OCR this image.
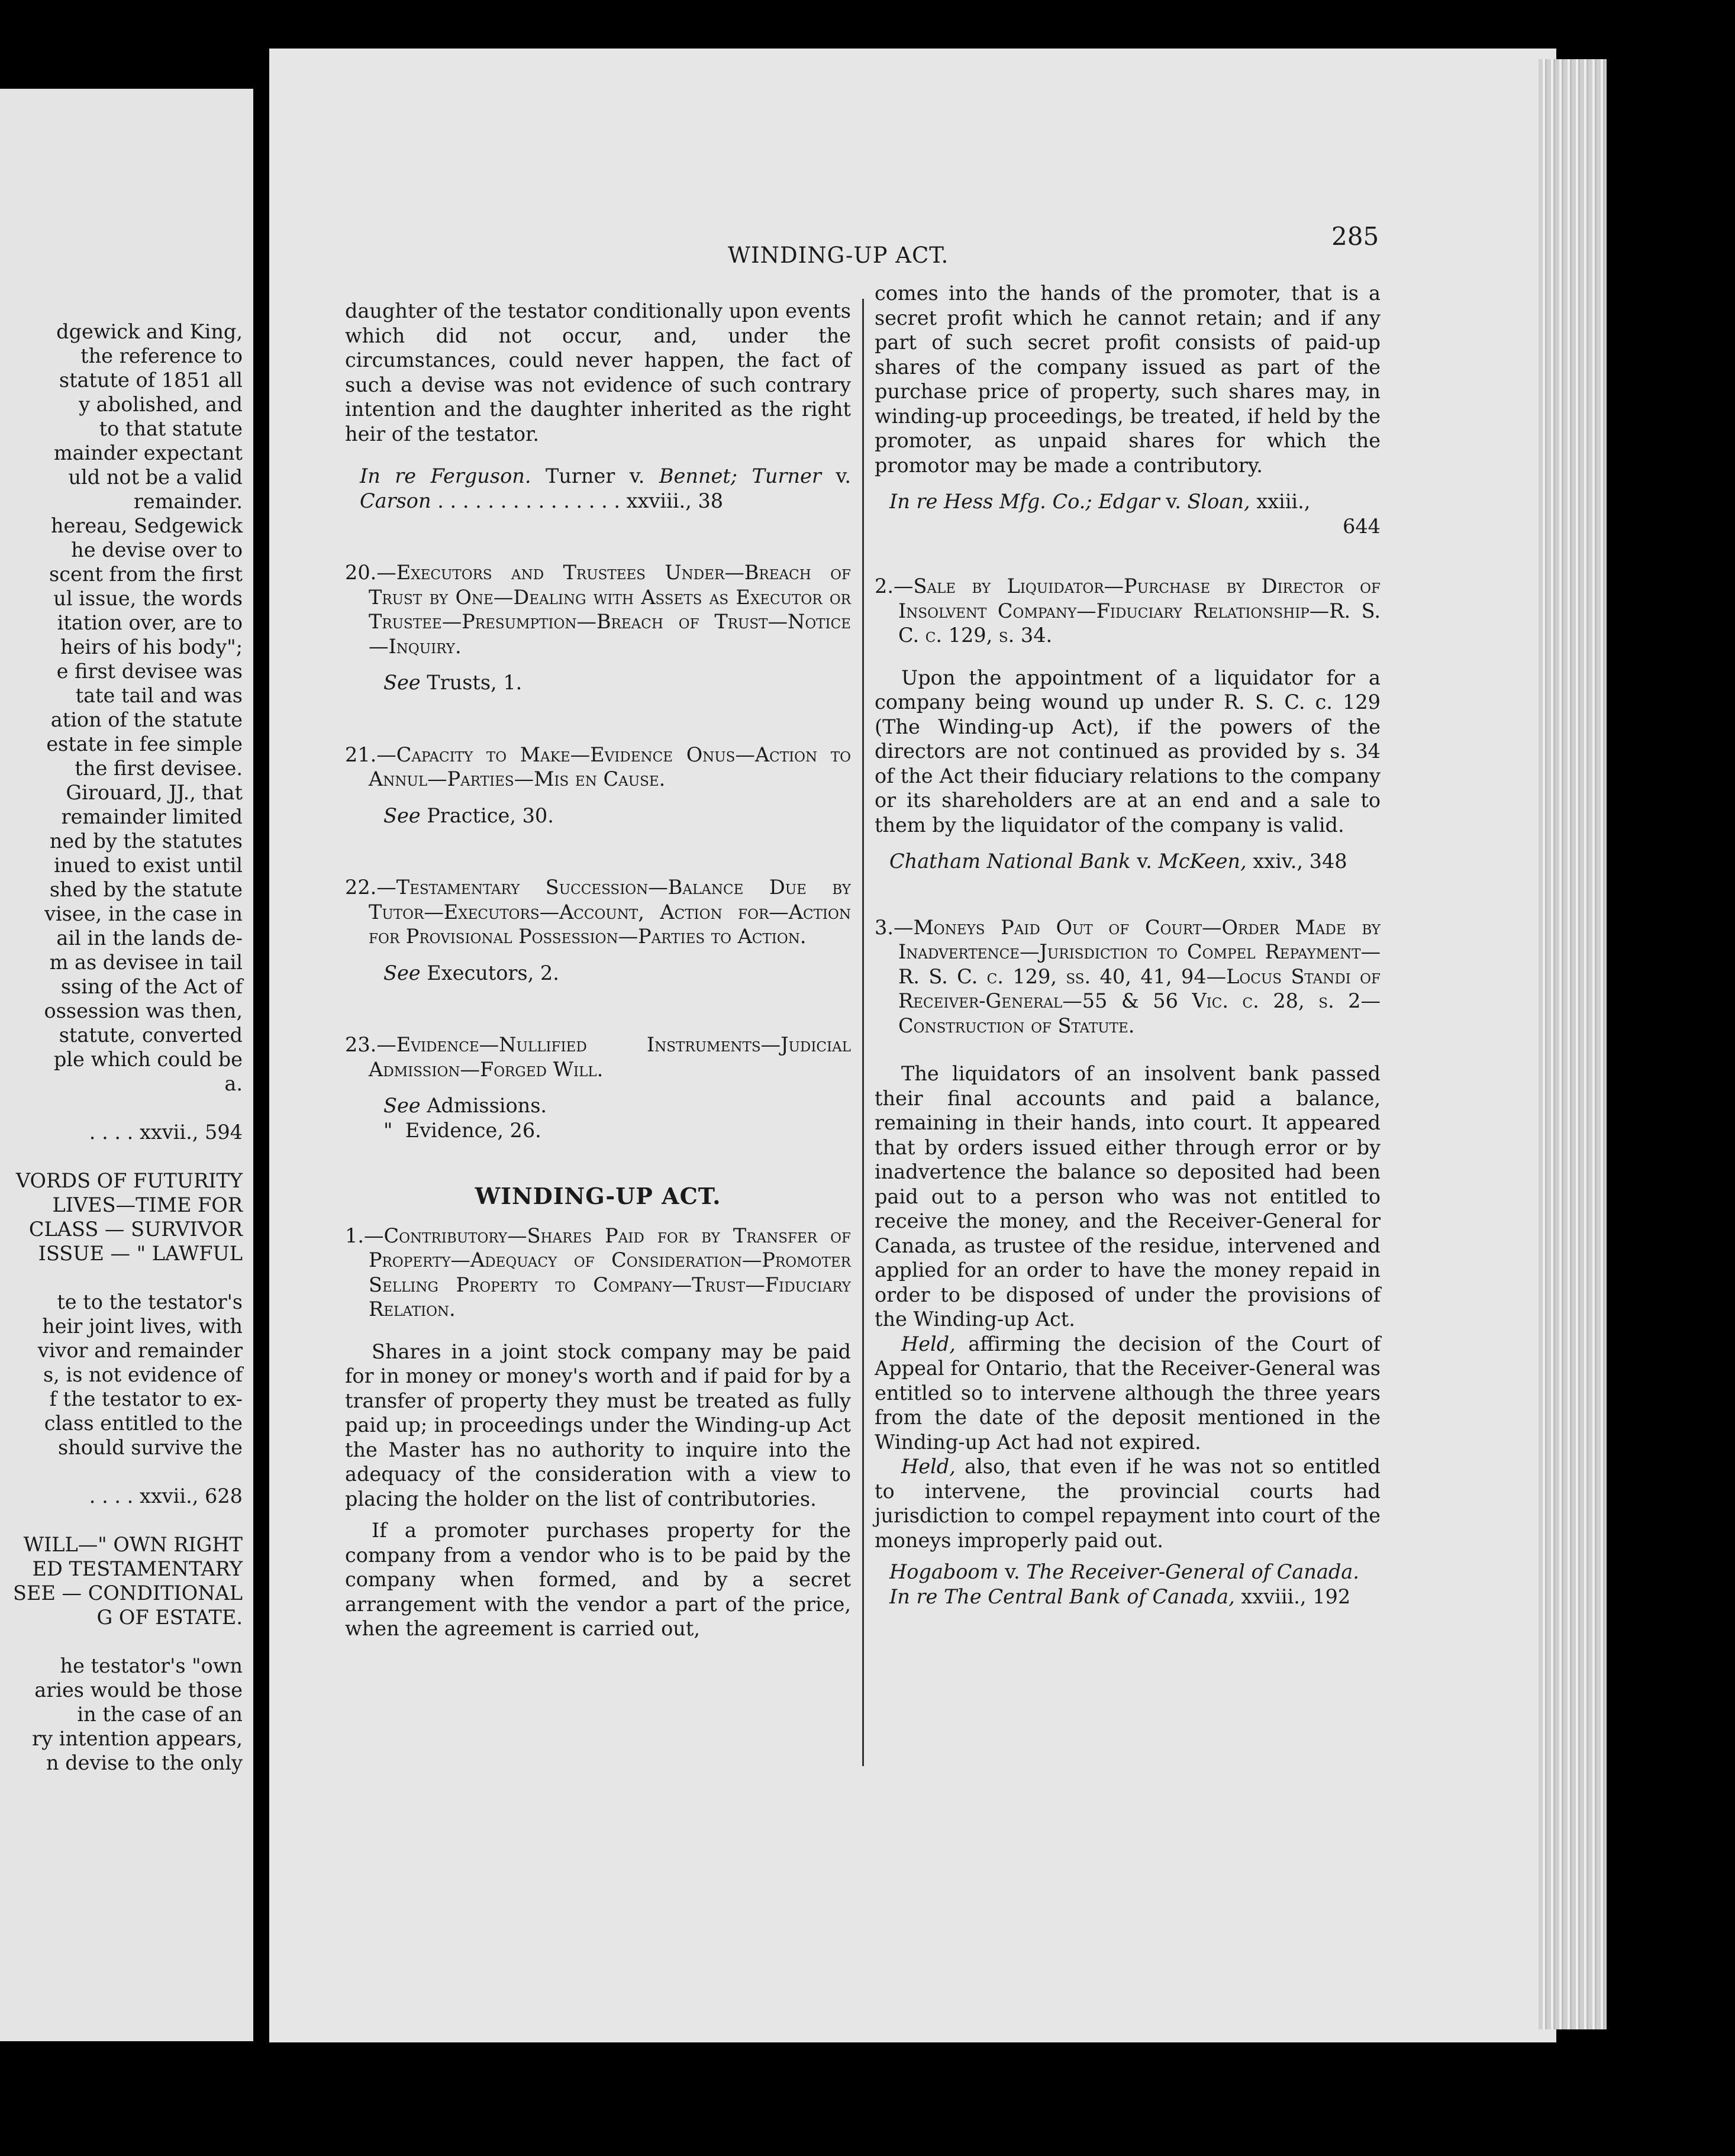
dgewick and King,
the reference to
statute of 1851 all
y abolished, and
to that statute
mainder expectant
uld not be a valid
remainder.
hereau, Sedgewick
he devise over to
scent from the first
ul issue, the words
itation over, are to
heirs of his body";
e first devisee was
tate tail and was
ation of the statute
estate in fee simple
the first devisee.
Girouard, JJ., that
remainder limited
ned by the statutes
inued to exist until
shed by the statute
visee, in the case in
ail in the lands de-
m as devisee in tail
ssing of the Act of
ossession was then,
statute, converted
ple which could be
a.
. . . . xxvii., 594
VORDS OF FUTURITY
LIVES—TIME FOR
CLASS — SURVIVOR
ISSUE — " LAWFUL
te to the testator's
heir joint lives, with
vivor and remainder
s, is not evidence of
f the testator to ex-
class entitled to the
should survive the
. . . . xxvii., 628
WILL—" OWN RIGHT
ED TESTAMENTARY
SEE — CONDITIONAL
G OF ESTATE.
he testator's "own
aries would be those
in the case of an
ry intention appears,
n devise to the only
285
WINDING-UP ACT.

daughter of the testator conditionally upon events which did not occur, and, under the circumstances, could never happen, the fact of such a devise was not evidence of such contrary intention and the daughter inherited as the right heir of the testator.

In re Ferguson. Turner v. Bennet; Turner v. Carson . . . . . . . . . . . . . . . xxviii., 38

20.—Executors and Trustees Under—Breach of Trust by One—Dealing with Assets as Executor or Trustee—Presumption—Breach of Trust—Notice—Inquiry.

See Trusts, 1.

21.—Capacity to Make—Evidence Onus—Action to Annul—Parties—Mis en Cause.

See Practice, 30.

22.—Testamentary Succession—Balance Due by Tutor—Executors—Account, Action for—Action for Provisional Possession—Parties to Action.

See Executors, 2.

23.—Evidence—Nullified Instruments—Judicial Admission—Forged Will.

See Admissions.

" Evidence, 26.

WINDING-UP ACT.

1.—Contributory—Shares Paid for by Transfer of Property—Adequacy of Consideration—Promoter Selling Property to Company—Trust—Fiduciary Relation.

Shares in a joint stock company may be paid for in money or money's worth and if paid for by a transfer of property they must be treated as fully paid up; in proceedings under the Winding-up Act the Master has no authority to inquire into the adequacy of the consideration with a view to placing the holder on the list of contributories.

If a promoter purchases property for the company from a vendor who is to be paid by the company when formed, and by a secret arrangement with the vendor a part of the price, when the agreement is carried out,

comes into the hands of the promoter, that is a secret profit which he cannot retain; and if any part of such secret profit consists of paid-up shares of the company issued as part of the purchase price of property, such shares may, in winding-up proceedings, be treated, if held by the promoter, as unpaid shares for which the promotor may be made a contributory.

In re Hess Mfg. Co.; Edgar v. Sloan, xxiii.,

644

2.—Sale by Liquidator—Purchase by Director of Insolvent Company—Fiduciary Relationship—R. S. C. c. 129, s. 34.

Upon the appointment of a liquidator for a company being wound up under R. S. C. c. 129 (The Winding-up Act), if the powers of the directors are not continued as provided by s. 34 of the Act their fiduciary relations to the company or its shareholders are at an end and a sale to them by the liquidator of the company is valid.

Chatham National Bank v. McKeen, xxiv., 348

3.—Moneys Paid Out of Court—Order Made by Inadvertence—Jurisdiction to Compel Repayment—R. S. C. c. 129, ss. 40, 41, 94—Locus Standi of Receiver-General—55 & 56 Vic. c. 28, s. 2—Construction of Statute.

The liquidators of an insolvent bank passed their final accounts and paid a balance, remaining in their hands, into court. It appeared that by orders issued either through error or by inadvertence the balance so deposited had been paid out to a person who was not entitled to receive the money, and the Receiver-General for Canada, as trustee of the residue, intervened and applied for an order to have the money repaid in order to be disposed of under the provisions of the Winding-up Act.

Held, affirming the decision of the Court of Appeal for Ontario, that the Receiver-General was entitled so to intervene although the three years from the date of the deposit mentioned in the Winding-up Act had not expired.

Held, also, that even if he was not so entitled to intervene, the provincial courts had jurisdiction to compel repayment into court of the moneys improperly paid out.

Hogaboom v. The Receiver-General of Canada.

In re The Central Bank of Canada, xxviii., 192
